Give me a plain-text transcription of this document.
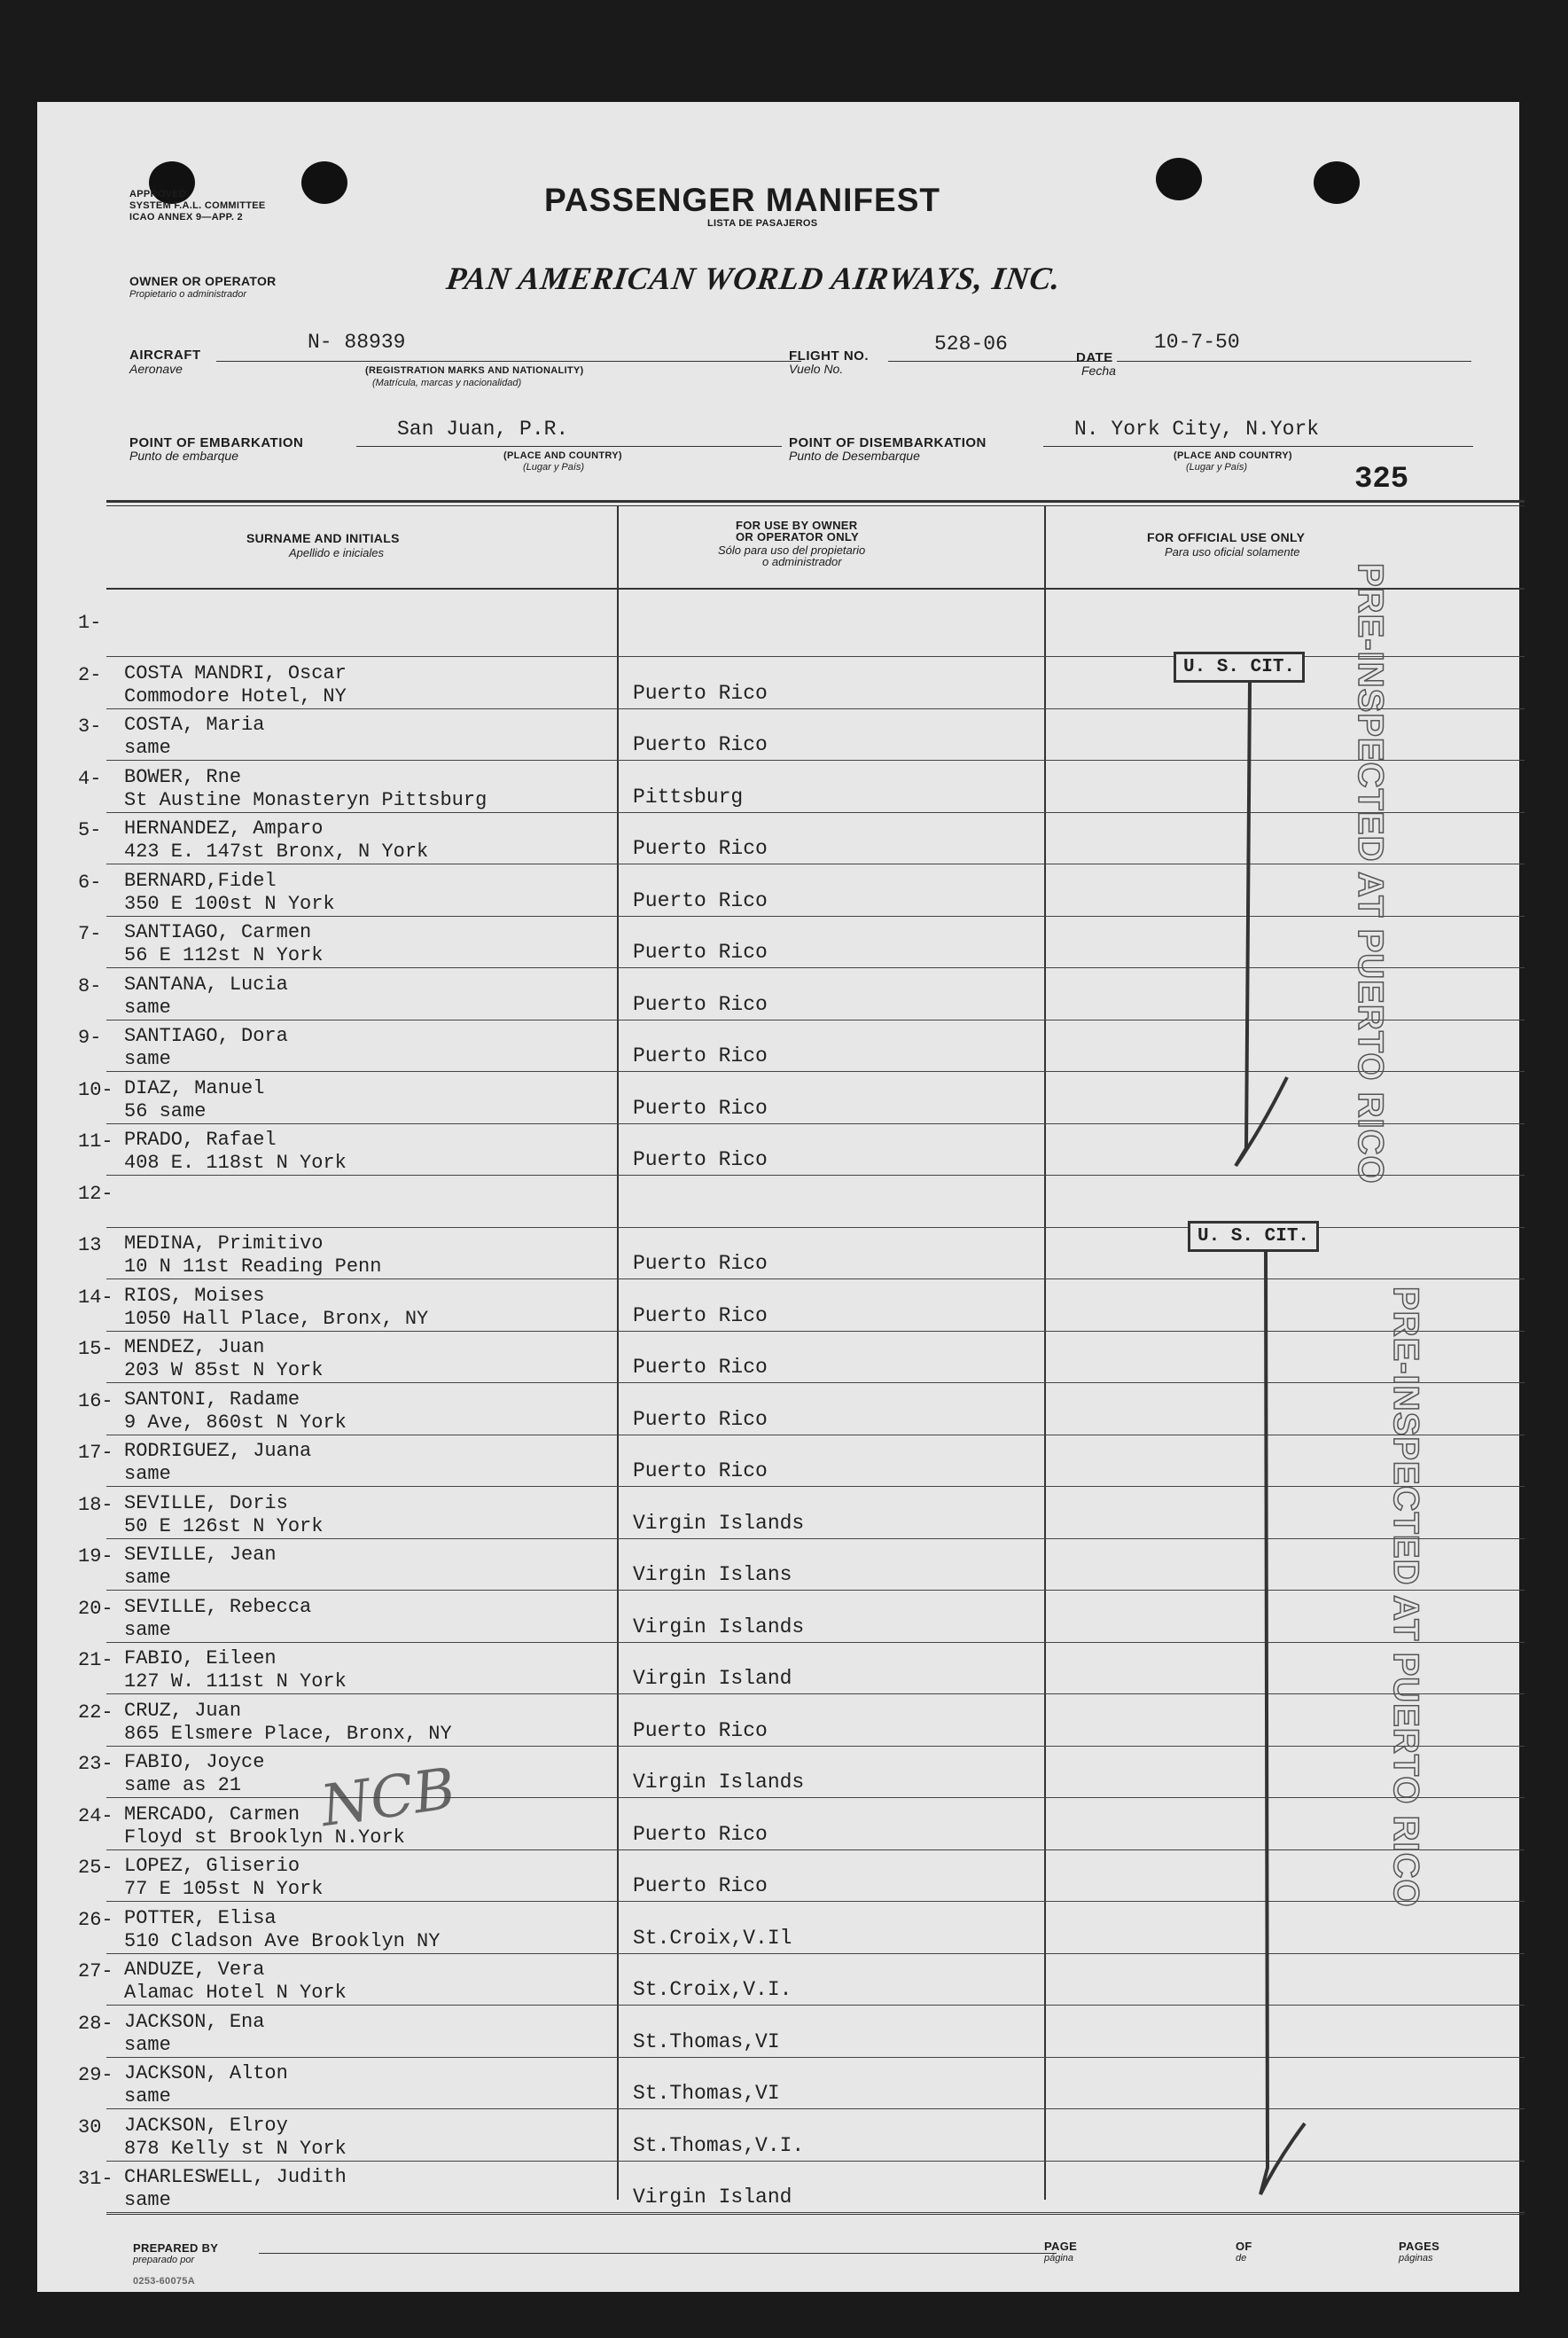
APPROVED
SYSTEM F.A.L. COMMITTEE
ICAO ANNEX 9—APP. 2	PASSENGER MANIFEST
LISTA DE PASAJEROS
OWNER OR OPERATOR
Propietario o administrador	PAN AMERICAN WORLD AIRWAYS, INC.
AIRCRAFT
Aeronave
N- 88939
(REGISTRATION MARKS AND NATIONALITY)
(Matrícula, marcas y nacionalidad)
FLIGHT NO.
Vuelo No.
528-06
DATE
Fecha
10-7-50
POINT OF EMBARKATION
Punto de embarque
San Juan, P.R.
(PLACE AND COUNTRY)
(Lugar y País)
POINT OF DISEMBARKATION
Punto de Desembarque
N. York City, N.York
(PLACE AND COUNTRY)
(Lugar y País)	325
SURNAME AND INITIALS
Apellido e iniciales
FOR USE BY OWNER
OR OPERATOR ONLY
Sólo para uso del propietario
o administrador
FOR OFFICIAL USE ONLY
Para uso oficial solamente
1-
2- COSTA MANDRI, Oscar
Commodore Hotel, NY	Puerto Rico
3- COSTA, Maria
same	Puerto Rico
4- BOWER, Rne
St Austine Monasteryn Pittsburg	Pittsburg
5- HERNANDEZ, Amparo
423 E. 147st Bronx, N York	Puerto Rico
6- BERNARD,Fidel
350 E 100st N York	Puerto Rico
7- SANTIAGO, Carmen
56 E 112st N York	Puerto Rico
8- SANTANA, Lucia
same	Puerto Rico
9- SANTIAGO, Dora
same	Puerto Rico
10- DIAZ, Manuel
56 same	Puerto Rico
11- PRADO, Rafael
408 E. 118st N York	Puerto Rico
12-
13 MEDINA, Primitivo
10 N 11st Reading Penn	Puerto Rico
14- RIOS, Moises
1050 Hall Place, Bronx, NY	Puerto Rico
15- MENDEZ, Juan
203 W 85st N York	Puerto Rico
16- SANTONI, Radame
9 Ave, 860st N York	Puerto Rico
17- RODRIGUEZ, Juana
same	Puerto Rico
18- SEVILLE, Doris
50 E 126st N York	Virgin Islands
19- SEVILLE, Jean
same	Virgin Islans
20- SEVILLE, Rebecca
same	Virgin Islands
21- FABIO, Eileen
127 W. 111st N York	Virgin Island
22- CRUZ, Juan
865 Elsmere Place, Bronx, NY	Puerto Rico
23- FABIO, Joyce
same as 21	Virgin Islands
24- MERCADO, Carmen
Floyd st Brooklyn N.York	Puerto Rico
25- LOPEZ, Gliserio
77 E 105st N York	Puerto Rico
26- POTTER, Elisa
510 Cladson Ave Brooklyn NY	St.Croix,V.Il
27- ANDUZE, Vera
Alamac Hotel N York	St.Croix,V.I.
28- JACKSON, Ena
same	St.Thomas,VI
29- JACKSON, Alton
same	St.Thomas,VI
30 JACKSON, Elroy
878 Kelly st N York	St.Thomas,V.I.
31- CHARLESWELL, Judith
same	Virgin Island
U. S. CIT.
U. S. CIT.
PRE-INSPECTED AT PUERTO RICO
PRE-INSPECTED AT PUERTO RICO
NCB
PREPARED BY
preparado por
PAGE
página
OF
de
PAGES
páginas
0253-60075A
